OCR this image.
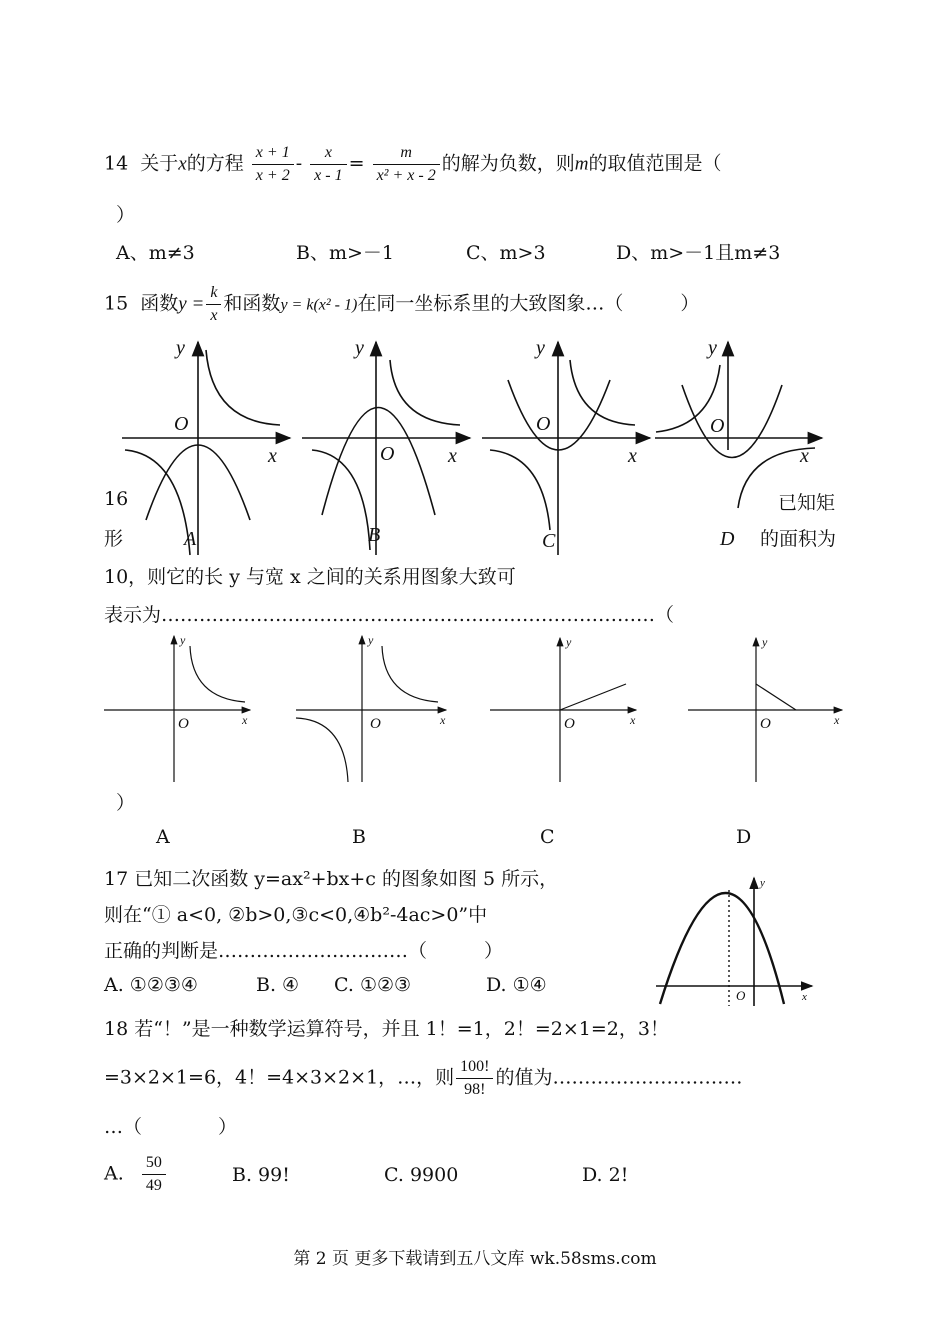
14 关于x的方程 $\frac{x + 1}{x + 2} - \frac{x}{x - 1} = \frac{m}{\text{x² + x - 2}}$ 的解为负数，则m的取值范围是（
）
A、m≠3	B、m>－1	C、m>3	D、m>－1且m≠3
15 函数$y = \frac{k}{x}$ 和函数y = k(x² - 1)在同一坐标系里的大致图象…（　　　）
y
O
x
y
O	x
y
O
x
y
O
x
A	B	C	D
16	已知矩
形	的面积为
10，则它的长 y 与宽 x 之间的关系用图象大致可
表示为……………………………………………………………………（
y
O	x
y
O	x
y
O	x
y
O	x
）
A	B	C	D
17 已知二次函数 y=ax²+bx+c 的图象如图 5 所示，
则在“① a<0, ②b>0,③c<0,④b²-4ac>0”中
正确的判断是…………………………（　　　）
A. ①②③④	B. ④ C. ①②③	D. ①④
y
O	x
18 若“！”是一种数学运算符号，并且 1！=1，2！=2×1=2，3！
=3×2×1=6，4！=4×3×2×1，…，则 $\frac{100!}{98!}$ 的值为…………………………
…（　　　　）
A. $\frac{50}{49}$	B. 99!	C. 9900	D. 2!
第 2 页 更多下载请到五八文库 wk.58sms.com
